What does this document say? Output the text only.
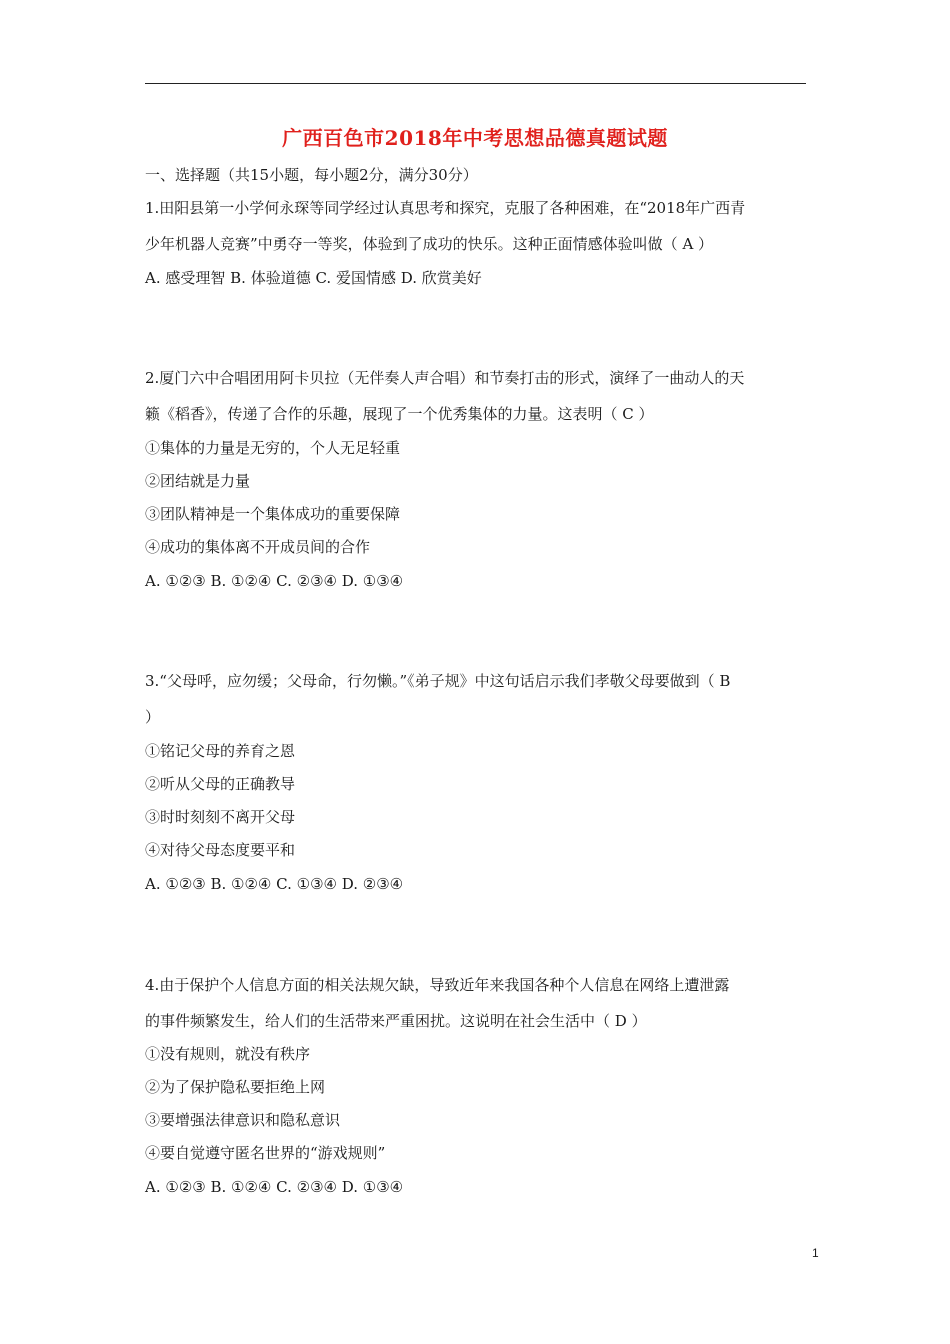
广西百色市2018年中考思想品德真题试题
一、选择题（共15小题，每小题2分，满分30分）
1.田阳县第一小学何永琛等同学经过认真思考和探究，克服了各种困难，在“2018年广西青
少年机器人竞赛”中勇夺一等奖，体验到了成功的快乐。这种正面情感体验叫做（ A ）
A. 感受理智 B. 体验道德 C. 爱国情感 D. 欣赏美好
2.厦门六中合唱团用阿卡贝拉（无伴奏人声合唱）和节奏打击的形式，演绎了一曲动人的天
籁《稻香》，传递了合作的乐趣，展现了一个优秀集体的力量。这表明（ C ）
①集体的力量是无穷的，个人无足轻重
②团结就是力量
③团队精神是一个集体成功的重要保障
④成功的集体离不开成员间的合作
A. ①②③ B. ①②④ C. ②③④ D. ①③④
3.“父母呼，应勿缓；父母命，行勿懒。”《弟子规》中这句话启示我们孝敬父母要做到（ B
）
①铭记父母的养育之恩
②听从父母的正确教导
③时时刻刻不离开父母
④对待父母态度要平和
A. ①②③ B. ①②④ C. ①③④ D. ②③④
4.由于保护个人信息方面的相关法规欠缺，导致近年来我国各种个人信息在网络上遭泄露
的事件频繁发生，给人们的生活带来严重困扰。这说明在社会生活中（ D ）
①没有规则，就没有秩序
②为了保护隐私要拒绝上网
③要增强法律意识和隐私意识
④要自觉遵守匿名世界的“游戏规则”
A. ①②③ B. ①②④ C. ②③④ D. ①③④
1
